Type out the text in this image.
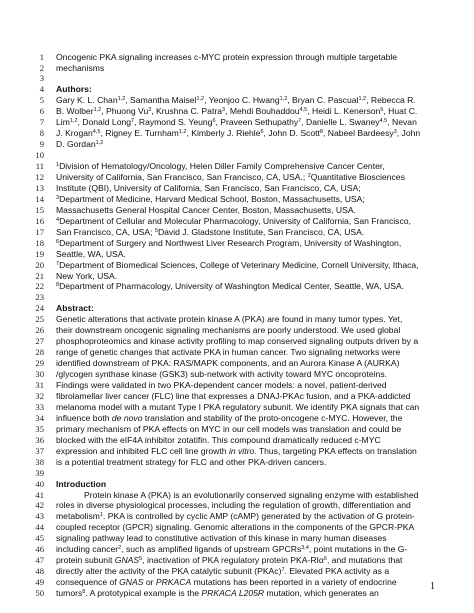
1 Oncogenic PKA signaling increases c-MYC protein expression through multiple targetable
2 mechanisms
3
4 Authors:
5 Gary K. L. Chan$^{1,2}$, Samantha Maisel$^{1,2}$, Yeonjoo C. Hwang$^{1,2}$, Bryan C. Pascual$^{1,2}$, Rebecca R.
6 B. Wolber$^{1,2}$, Phuong Vu$^3$, Krushna C. Patra$^3$, Mehdi Bouhaddou$^{4,5}$, Heidi L. Kenerson$^6$, Huat C.
7 Lim$^{1,2}$, Donald Long$^7$, Raymond S. Yeung$^6$, Praveen Sethupathy$^7$, Danielle L. Swaney$^{4,5}$, Nevan
8 J. Krogan$^{4,5}$, Rigney E. Turnham$^{1,2}$, Kimberly J. Riehle$^6$, John D. Scott$^8$, Nabeel Bardeesy$^3$, John
9 D. Gordan$^{1,2}$
10
11 $^1$Division of Hematology/Oncology, Helen Diller Family Comprehensive Cancer Center,
12 University of California, San Francisco, San Francisco, CA, USA.; $^2$Quantitative Biosciences
13 Institute (QBI), University of California, San Francisco, San Francisco, CA, USA;
14 $^3$Department of Medicine, Harvard Medical School, Boston, Massachusetts, USA;
15 Massachusetts General Hospital Cancer Center, Boston, Massachusetts, USA.
16 $^4$Department of Cellular and Molecular Pharmacology, University of California, San Francisco,
17 San Francisco, CA, USA; $^5$David J. Gladstone Institute, San Francisco, CA, USA.
18 $^6$Department of Surgery and Northwest Liver Research Program, University of Washington,
19 Seattle, WA, USA.
20 $^7$Department of Biomedical Sciences, College of Veterinary Medicine, Cornell University, Ithaca,
21 New York, USA.
22 $^8$Department of Pharmacology, University of Washington Medical Center, Seattle, WA, USA.
23
24 Abstract:
25 Genetic alterations that activate protein kinase A (PKA) are found in many tumor types. Yet,
26 their downstream oncogenic signaling mechanisms are poorly understood. We used global
27 phosphoproteomics and kinase activity profiling to map conserved signaling outputs driven by a
28 range of genetic changes that activate PKA in human cancer. Two signaling networks were
29 identified downstream of PKA: RAS/MAPK components, and an Aurora Kinase A (AURKA)
30 /glycogen synthase kinase (GSK3) sub-network with activity toward MYC oncoproteins.
31 Findings were validated in two PKA-dependent cancer models: a novel, patient-derived
32 fibrolamellar liver cancer (FLC) line that expresses a DNAJ-PKAc fusion, and a PKA-addicted
33 melanoma model with a mutant Type I PKA regulatory subunit. We identify PKA signals that can
34 influence both de novo translation and stability of the proto-oncogene c-MYC. However, the
35 primary mechanism of PKA effects on MYC in our cell models was translation and could be
36 blocked with the eIF4A inhibitor zotatifin. This compound dramatically reduced c-MYC
37 expression and inhibited FLC cell line growth in vitro. Thus, targeting PKA effects on translation
38 is a potential treatment strategy for FLC and other PKA-driven cancers.
39
40 Introduction
41	Protein kinase A (PKA) is an evolutionarily conserved signaling enzyme with established
42 roles in diverse physiological processes, including the regulation of growth, differentiation and
43 metabolism$^1$. PKA is controlled by cyclic AMP (cAMP) generated by the activation of G protein-
44 coupled receptor (GPCR) signaling. Genomic alterations in the components of the GPCR-PKA
45 signaling pathway lead to constitutive activation of this kinase in many human diseases
46 including cancer$^2$, such as amplified ligands of upstream GPCRs$^{3,4}$, point mutations in the G-
47 protein subunit GNAS$^5$, inactivation of PKA regulatory protein PKA-RIα$^6$, and mutations that
48 directly alter the activity of the PKA catalytic subunit (PKAc)$^7$. Elevated PKA activity as a
49 consequence of GNAS or PRKACA mutations has been reported in a variety of endocrine
50 tumors$^8$. A prototypical example is the PRKACA L205R mutation, which generates an
1
